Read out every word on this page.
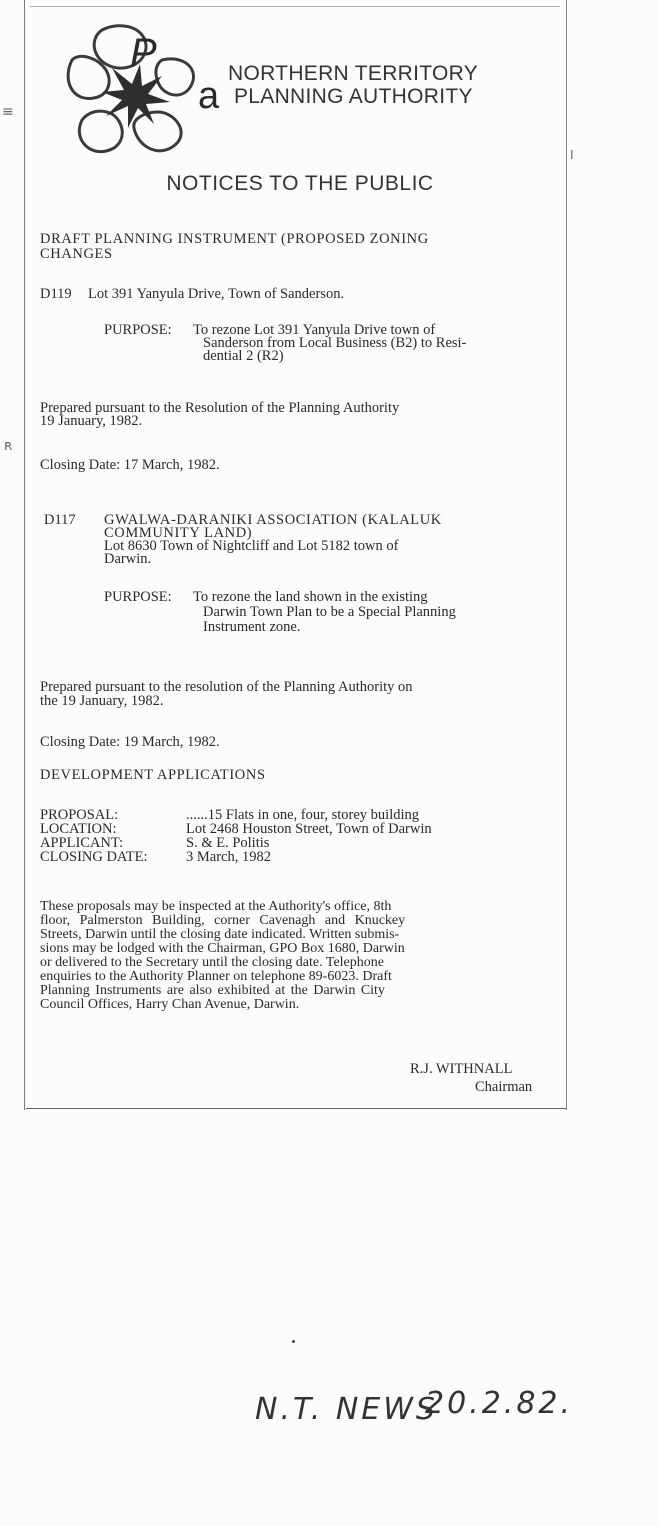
≡
ʀ
I
P
a
NORTHERN TERRITORY
PLANNING AUTHORITY
NOTICES TO THE PUBLIC
DRAFT PLANNING INSTRUMENT (PROPOSED ZONING
CHANGES
D119 Lot 391 Yanyula Drive, Town of Sanderson.
PURPOSE: To rezone Lot 391 Yanyula Drive town of
Sanderson from Local Business (B2) to Resi-
dential 2 (R2)
Prepared pursuant to the Resolution of the Planning Authority
19 January, 1982.
Closing Date: 17 March, 1982.
D117 GWALWA-DARANIKI ASSOCIATION (KALALUK
COMMUNITY LAND)
Lot 8630 Town of Nightcliff and Lot 5182 town of
Darwin.
PURPOSE: To rezone the land shown in the existing
Darwin Town Plan to be a Special Planning
Instrument zone.
Prepared pursuant to the resolution of the Planning Authority on
the 19 January, 1982.
Closing Date: 19 March, 1982.
DEVELOPMENT APPLICATIONS
PROPOSAL:	......15 Flats in one, four, storey building
LOCATION:	Lot 2468 Houston Street, Town of Darwin
APPLICANT:	S. & E. Politis
CLOSING DATE:	3 March, 1982
These proposals may be inspected at the Authority's office, 8th
floor, Palmerston Building, corner Cavenagh and Knuckey
Streets, Darwin until the closing date indicated. Written submis-
sions may be lodged with the Chairman, GPO Box 1680, Darwin
or delivered to the Secretary until the closing date. Telephone
enquiries to the Authority Planner on telephone 89-6023. Draft
Planning Instruments are also exhibited at the Darwin City
Council Offices, Harry Chan Avenue, Darwin.
R.J. WITHNALL
Chairman
N.T. NEWS
20.2.82.
